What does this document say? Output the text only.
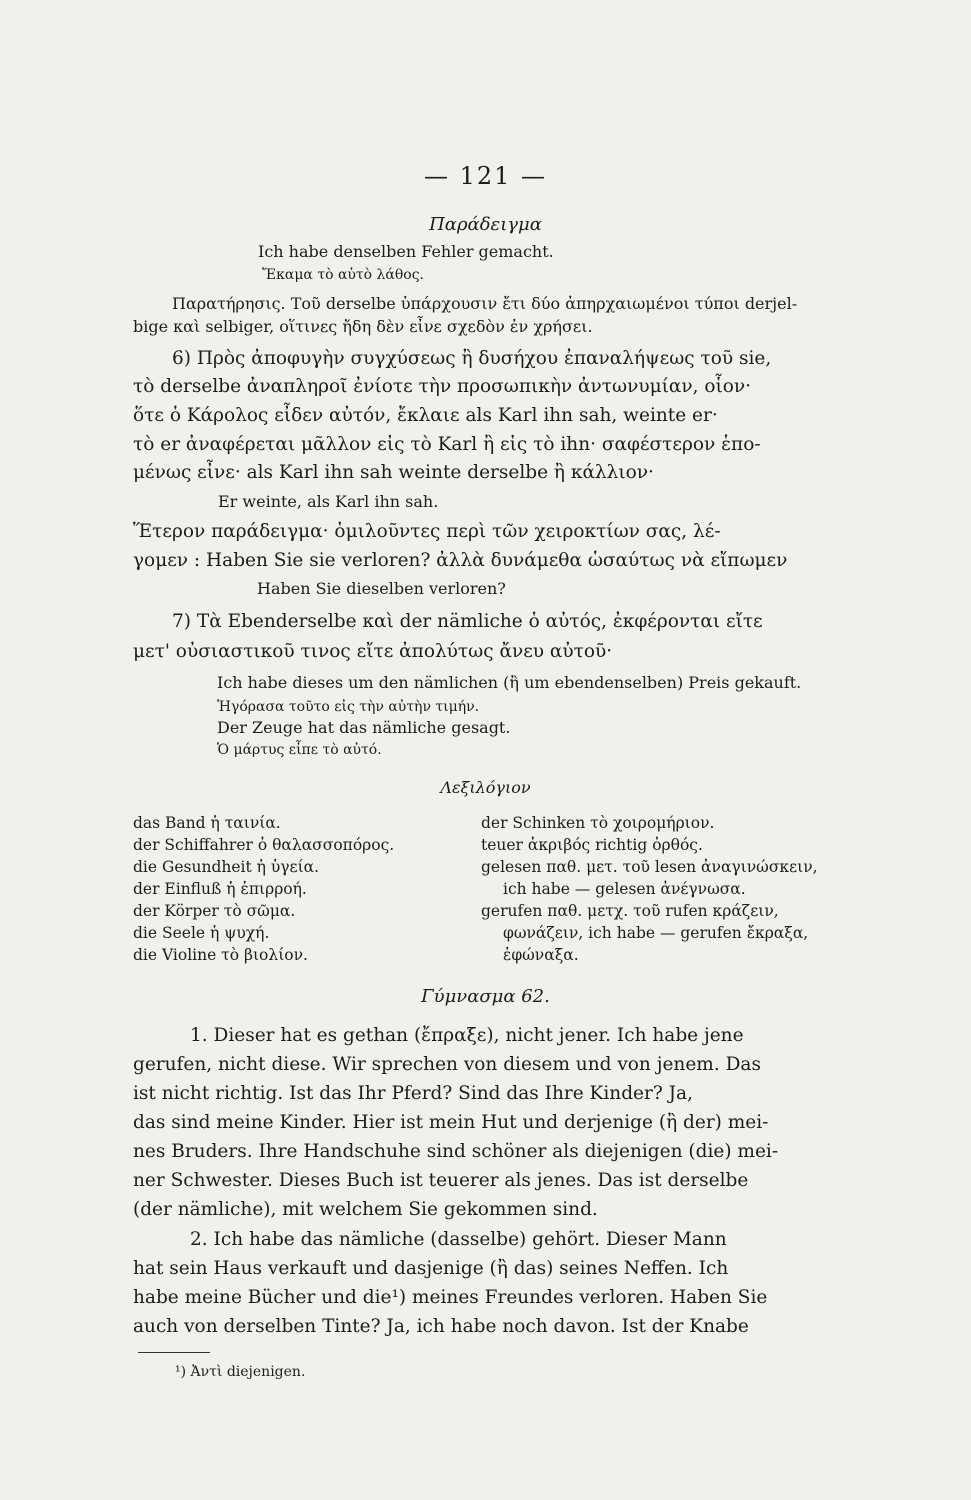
— 121 —
Παράδειγμα
Ich habe denselben Fehler gemacht.
Ἔκαμα τὸ αὐτὸ λάθος.
Παρατήρησις. Τοῦ derselbe ὑπάρχουσιν ἔτι δύο ἀπηρχαιωμένοι τύποι derjel-
bige καὶ selbiger, οἵτινες ἤδη δὲν εἶνε σχεδὸν ἐν χρήσει.
6) Πρὸς ἀποφυγὴν συγχύσεως ἢ δυσήχου ἐπαναλήψεως τοῦ sie,
τὸ derselbe ἀναπληροῖ ἐνίοτε τὴν προσωπικὴν ἀντωνυμίαν, οἷον·
ὅτε ὁ Κάρολος εἶδεν αὐτόν, ἔκλαιε als Karl ihn sah, weinte er·
τὸ er ἀναφέρεται μᾶλλον εἰς τὸ Karl ἢ εἰς τὸ ihn· σαφέστερον ἑπο-
μένως εἶνε· als Karl ihn sah weinte derselbe ἢ κάλλιον·
Er weinte, als Karl ihn sah.
Ἕτερον παράδειγμα· ὁμιλοῦντες περὶ τῶν χειροκτίων σας, λέ-
γομεν : Haben Sie sie verloren? ἀλλὰ δυνάμεθα ὡσαύτως νὰ εἴπωμεν
Haben Sie dieselben verloren?
7) Τὰ Ebenderselbe καὶ der nämliche ὁ αὐτός, ἐκφέρονται εἴτε
μετ' οὐσιαστικοῦ τινος εἴτε ἀπολύτως ἄνευ αὐτοῦ·
Ich habe dieses um den nämlichen (ἢ um ebendenselben) Preis gekauft.
Ἠγόρασα τοῦτο εἰς τὴν αὐτὴν τιμήν.
Der Zeuge hat das nämliche gesagt.
Ὁ μάρτυς εἶπε τὸ αὐτό.
Λεξιλόγιον
das Band ἡ ταινία.
der Schiffahrer ὁ θαλασσοπόρος.
die Gesundheit ἡ ὑγεία.
der Einfluß ἡ ἐπιρροή.
der Körper τὸ σῶμα.
die Seele ἡ ψυχή.
die Violine τὸ βιολίον.
der Schinken τὸ χοιρομήριον.
teuer ἀκριβός richtig ὀρθός.
gelesen παθ. μετ. τοῦ lesen ἀναγινώσκειν,
ich habe — gelesen ἀνέγνωσα.
gerufen παθ. μετχ. τοῦ rufen κράζειν,
φωνάζειν, ich habe — gerufen ἔκραξα,
ἐφώναξα.
Γύμνασμα 62.
1. Dieser hat es gethan (ἔπραξε), nicht jener. Ich habe jene
gerufen, nicht diese. Wir sprechen von diesem und von jenem. Das
ist nicht richtig. Ist das Ihr Pferd? Sind das Ihre Kinder? Ja,
das sind meine Kinder. Hier ist mein Hut und derjenige (ἢ der) mei-
nes Bruders. Ihre Handschuhe sind schöner als diejenigen (die) mei-
ner Schwester. Dieses Buch ist teuerer als jenes. Das ist derselbe
(der nämliche), mit welchem Sie gekommen sind.
2. Ich habe das nämliche (dasselbe) gehört. Dieser Mann
hat sein Haus verkauft und dasjenige (ἢ das) seines Neffen. Ich
habe meine Bücher und die¹) meines Freundes verloren. Haben Sie
auch von derselben Tinte? Ja, ich habe noch davon. Ist der Knabe
¹) Ἀντὶ diejenigen.
